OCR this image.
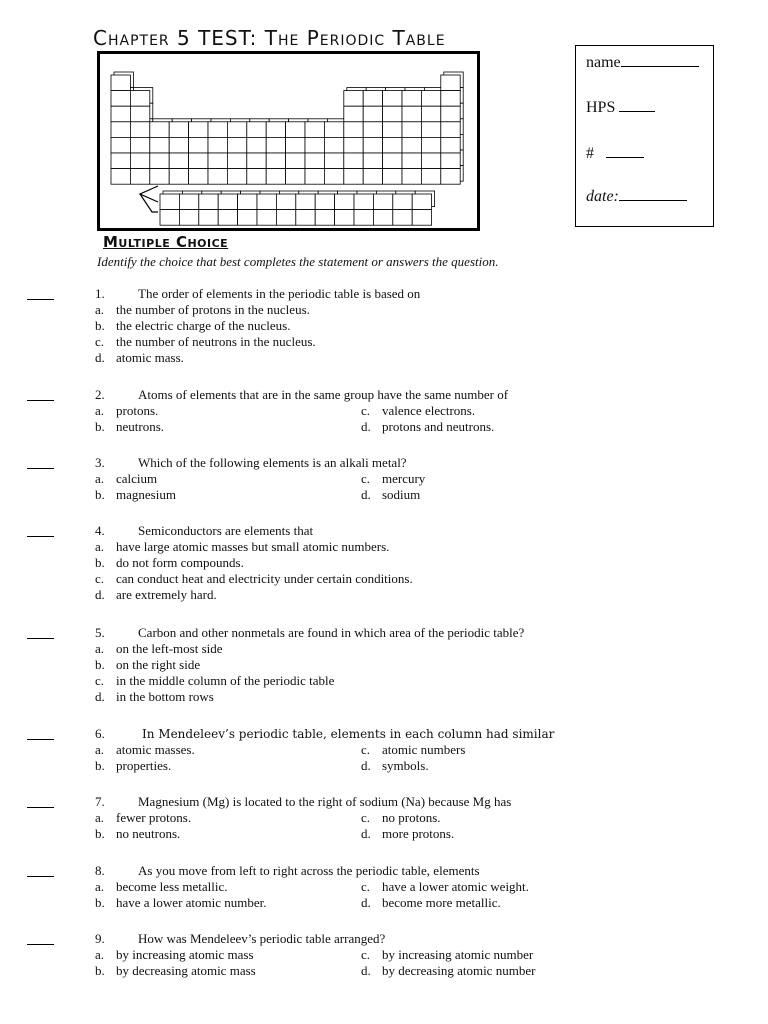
Chapter 5 TEST: The Periodic Table
name
HPS
#
date:
Multiple Choice
Identify the choice that best completes the statement or answers the question.
1.	The order of elements in the periodic table is based on
a. the number of protons in the nucleus.
b. the electric charge of the nucleus.
c. the number of neutrons in the nucleus.
d. atomic mass.
2.	Atoms of elements that are in the same group have the same number of
a. protons.
b. neutrons.
c. valence electrons.
d. protons and neutrons.
3.	Which of the following elements is an alkali metal?
a. calcium
b. magnesium
c. mercury
d. sodium
4.	Semiconductors are elements that
a. have large atomic masses but small atomic numbers.
b. do not form compounds.
c. can conduct heat and electricity under certain conditions.
d. are extremely hard.
5.	Carbon and other nonmetals are found in which area of the periodic table?
a. on the left-most side
b. on the right side
c. in the middle column of the periodic table
d. in the bottom rows
6.	In Mendeleev’s periodic table, elements in each column had similar
a. atomic masses.
b. properties.
c. atomic numbers
d. symbols.
7.	Magnesium (Mg) is located to the right of sodium (Na) because Mg has
a. fewer protons.
b. no neutrons.
c. no protons.
d. more protons.
8.	As you move from left to right across the periodic table, elements
a. become less metallic.
b. have a lower atomic number.
c. have a lower atomic weight.
d. become more metallic.
9.	How was Mendeleev’s periodic table arranged?
a. by increasing atomic mass
b. by decreasing atomic mass
c. by increasing atomic number
d. by decreasing atomic number
